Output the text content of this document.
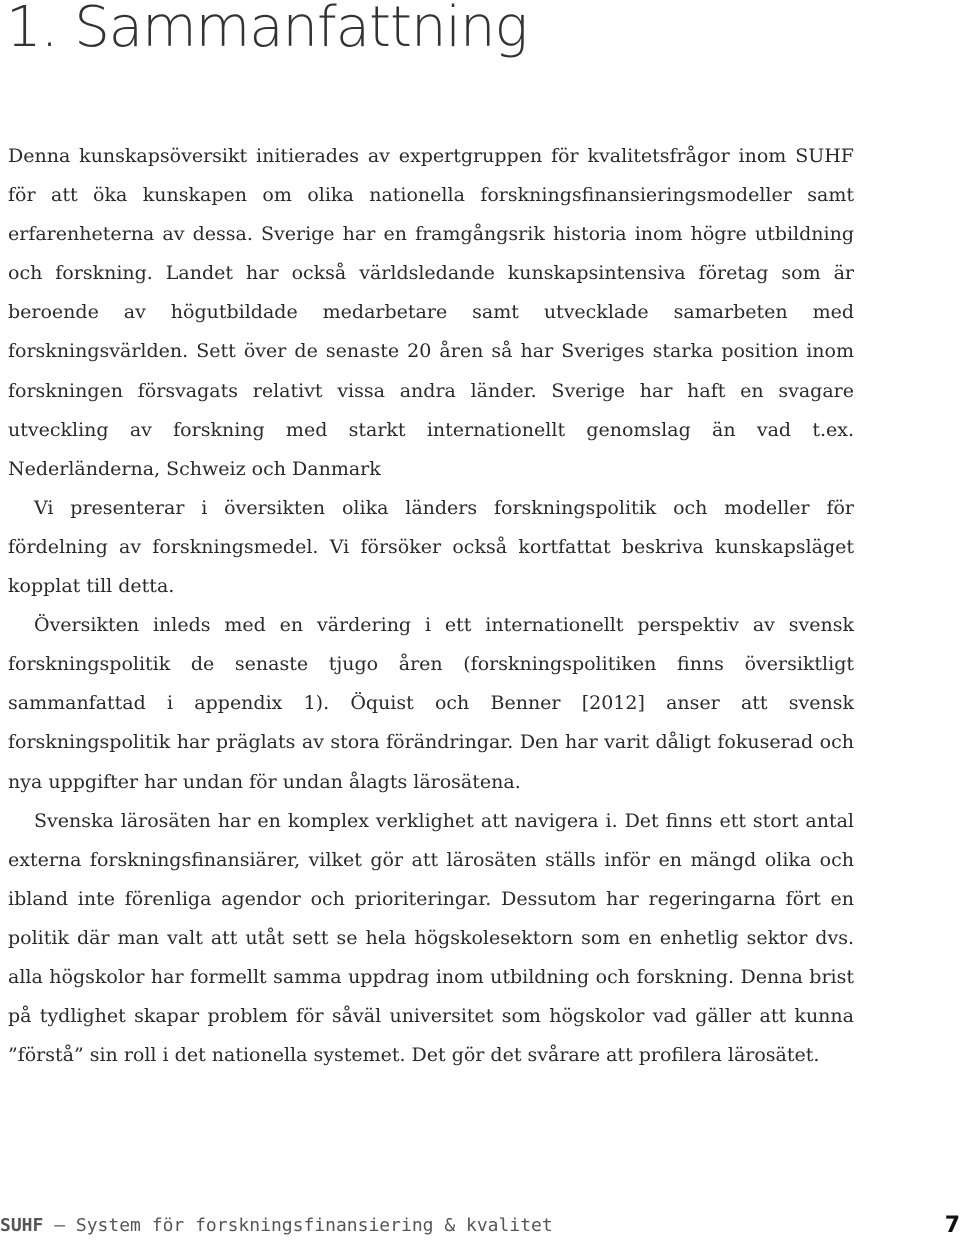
1. Sammanfattning

Denna kunskapsöversikt initierades av expertgruppen för kvalitetsfrågor inom SUHF för att öka kunskapen om olika nationella forskningsfinansieringsmodeller samt erfarenheterna av dessa. Sverige har en framgångsrik historia inom högre utbildning och forskning. Landet har också världsledande kunskapsintensiva företag som är beroende av högutbildade medarbetare samt utvecklade samarbeten med forskningsvärlden. Sett över de senaste 20 åren så har Sveriges starka position inom forskningen försvagats relativt vissa andra länder. Sverige har haft en svagare utveckling av forskning med starkt internationellt genomslag än vad t.ex. Nederländerna, Schweiz och Danmark

Vi presenterar i översikten olika länders forskningspolitik och modeller för fördelning av forskningsmedel. Vi försöker också kortfattat beskriva kunskapsläget kopplat till detta.

Översikten inleds med en värdering i ett internationellt perspektiv av svensk forskningspolitik de senaste tjugo åren (forskningspolitiken finns översiktligt sammanfattad i appendix 1). Öquist och Benner [2012] anser att svensk forskningspolitik har präglats av stora förändringar. Den har varit dåligt fokuserad och nya uppgifter har undan för undan ålagts lärosätena.

Svenska lärosäten har en komplex verklighet att navigera i. Det finns ett stort antal externa forskningsfinansiärer, vilket gör att lärosäten ställs inför en mängd olika och ibland inte förenliga agendor och prioriteringar. Dessutom har regeringarna fört en politik där man valt att utåt sett se hela högskolesektorn som en enhetlig sektor dvs. alla högskolor har formellt samma uppdrag inom utbildning och forskning. Denna brist på tydlighet skapar problem för såväl universitet som högskolor vad gäller att kunna ”förstå” sin roll i det nationella systemet. Det gör det svårare att profilera lärosätet.

SUHF – System för forskningsfinansiering & kvalitet	7
